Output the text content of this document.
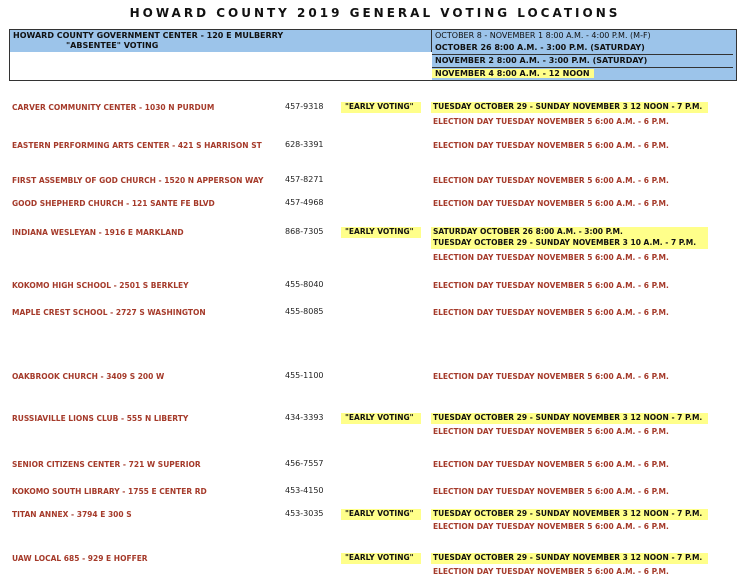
HOWARD COUNTY 2019 GENERAL VOTING LOCATIONS
HOWARD COUNTY GOVERNMENT CENTER - 120 E MULBERRY
"ABSENTEE" VOTING
OCTOBER 8 - NOVEMBER 1 8:00 A.M. - 4:00 P.M. (M-F)
OCTOBER 26 8:00 A.M. - 3:00 P.M. (SATURDAY)
NOVEMBER 2 8:00 A.M. - 3:00 P.M. (SATURDAY)
NOVEMBER 4 8:00 A.M. - 12 NOON
CARVER COMMUNITY CENTER - 1030 N PURDUM	457-9318	"EARLY VOTING"	TUESDAY OCTOBER 29 - SUNDAY NOVEMBER 3 12 NOON - 7 P.M.
ELECTION DAY TUESDAY NOVEMBER 5 6:00 A.M. - 6 P.M.
EASTERN PERFORMING ARTS CENTER - 421 S HARRISON ST	628-3391	ELECTION DAY TUESDAY NOVEMBER 5 6:00 A.M. - 6 P.M.
FIRST ASSEMBLY OF GOD CHURCH - 1520 N APPERSON WAY	457-8271	ELECTION DAY TUESDAY NOVEMBER 5 6:00 A.M. - 6 P.M.
GOOD SHEPHERD CHURCH - 121 SANTE FE BLVD	457-4968	ELECTION DAY TUESDAY NOVEMBER 5 6:00 A.M. - 6 P.M.
INDIANA WESLEYAN - 1916 E MARKLAND	868-7305	"EARLY VOTING"	SATURDAY OCTOBER 26 8:00 A.M. - 3:00 P.M.
TUESDAY OCTOBER 29 - SUNDAY NOVEMBER 3 10 A.M. - 7 P.M.
ELECTION DAY TUESDAY NOVEMBER 5 6:00 A.M. - 6 P.M.
KOKOMO HIGH SCHOOL - 2501 S BERKLEY	455-8040	ELECTION DAY TUESDAY NOVEMBER 5 6:00 A.M. - 6 P.M.
MAPLE CREST SCHOOL - 2727 S WASHINGTON	455-8085	ELECTION DAY TUESDAY NOVEMBER 5 6:00 A.M. - 6 P.M.
OAKBROOK CHURCH - 3409 S 200 W	455-1100	ELECTION DAY TUESDAY NOVEMBER 5 6:00 A.M. - 6 P.M.
RUSSIAVILLE LIONS CLUB - 555 N LIBERTY	434-3393	"EARLY VOTING"	TUESDAY OCTOBER 29 - SUNDAY NOVEMBER 3 12 NOON - 7 P.M.
ELECTION DAY TUESDAY NOVEMBER 5 6:00 A.M. - 6 P.M.
SENIOR CITIZENS CENTER - 721 W SUPERIOR	456-7557	ELECTION DAY TUESDAY NOVEMBER 5 6:00 A.M. - 6 P.M.
KOKOMO SOUTH LIBRARY - 1755 E CENTER RD	453-4150	ELECTION DAY TUESDAY NOVEMBER 5 6:00 A.M. - 6 P.M.
TITAN ANNEX - 3794 E 300 S	453-3035	"EARLY VOTING"	TUESDAY OCTOBER 29 - SUNDAY NOVEMBER 3 12 NOON - 7 P.M.
ELECTION DAY TUESDAY NOVEMBER 5 6:00 A.M. - 6 P.M.
UAW LOCAL 685 - 929 E HOFFER	"EARLY VOTING"	TUESDAY OCTOBER 29 - SUNDAY NOVEMBER 3 12 NOON - 7 P.M.
ELECTION DAY TUESDAY NOVEMBER 5 6:00 A.M. - 6 P.M.
